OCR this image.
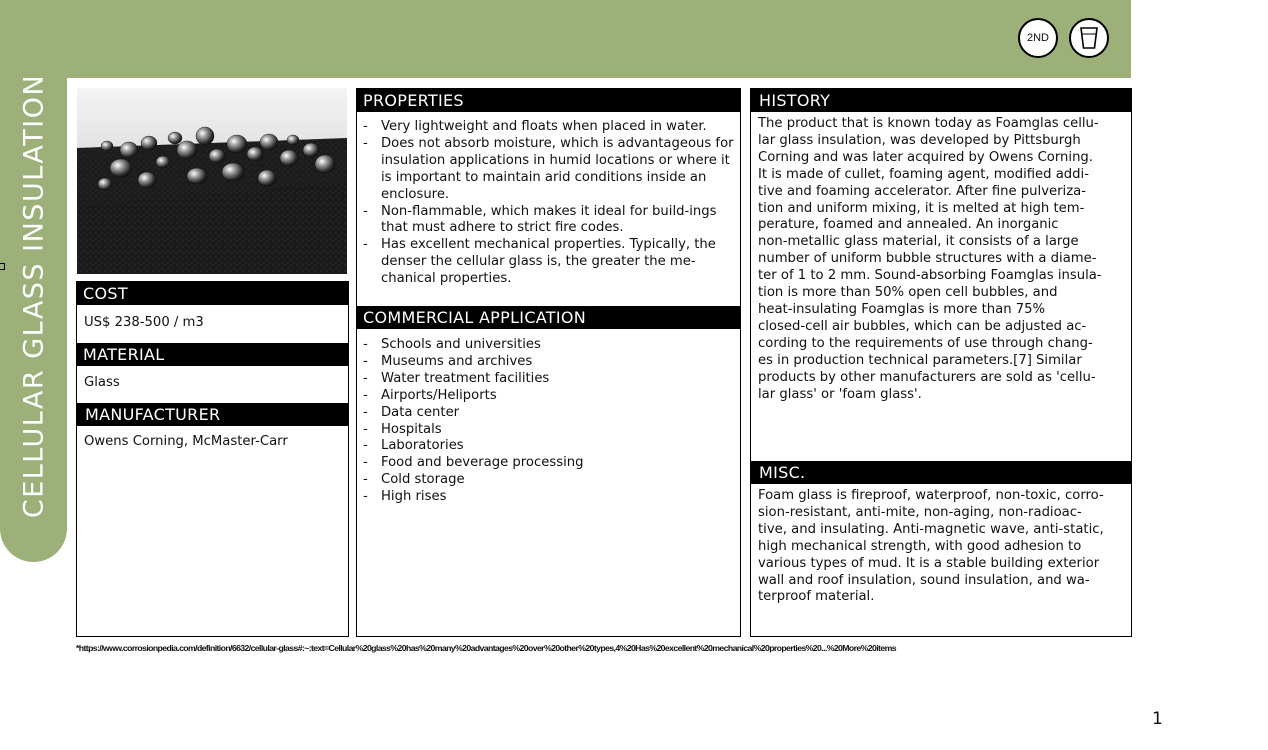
CELLULAR GLASS INSULATION
2ND
COST
US$ 238-500 / m3
MATERIAL
Glass
MANUFACTURER
Owens Corning, McMaster-Carr
PROPERTIES
- Very lightweight and floats when placed in water.
- Does not absorb moisture, which is advantageous for insulation applications in humid locations or where it is important to maintain arid conditions inside an enclosure.
- Non-flammable, which makes it ideal for build-ings that must adhere to strict fire codes.
- Has excellent mechanical properties. Typically, the denser the cellular glass is, the greater the me-chanical properties.
COMMERCIAL APPLICATION
- Schools and universities
- Museums and archives
- Water treatment facilities
- Airports/Heliports
- Data center
- Hospitals
- Laboratories
- Food and beverage processing
- Cold storage
- High rises
HISTORY
The product that is known today as Foamglas cellu-
lar glass insulation, was developed by Pittsburgh
Corning and was later acquired by Owens Corning.
It is made of cullet, foaming agent, modified addi-
tive and foaming accelerator. After fine pulveriza-
tion and uniform mixing, it is melted at high tem-
perature, foamed and annealed. An inorganic
non-metallic glass material, it consists of a large
number of uniform bubble structures with a diame-
ter of 1 to 2 mm. Sound-absorbing Foamglas insula-
tion is more than 50% open cell bubbles, and
heat-insulating Foamglas is more than 75%
closed-cell air bubbles, which can be adjusted ac-
cording to the requirements of use through chang-
es in production technical parameters.[7] Similar
products by other manufacturers are sold as 'cellu-
lar glass' or 'foam glass'.
MISC.
Foam glass is fireproof, waterproof, non-toxic, corro-
sion-resistant, anti-mite, non-aging, non-radioac-
tive, and insulating. Anti-magnetic wave, anti-static,
high mechanical strength, with good adhesion to
various types of mud. It is a stable building exterior
wall and roof insulation, sound insulation, and wa-
terproof material.
*https://www.corrosionpedia.com/definition/6632/cellular-glass#:~:text=Cellular%20glass%20has%20many%20advantages%20over%20other%20types,4%20Has%20excellent%20mechanical%20properties%20...%20More%20items
1
